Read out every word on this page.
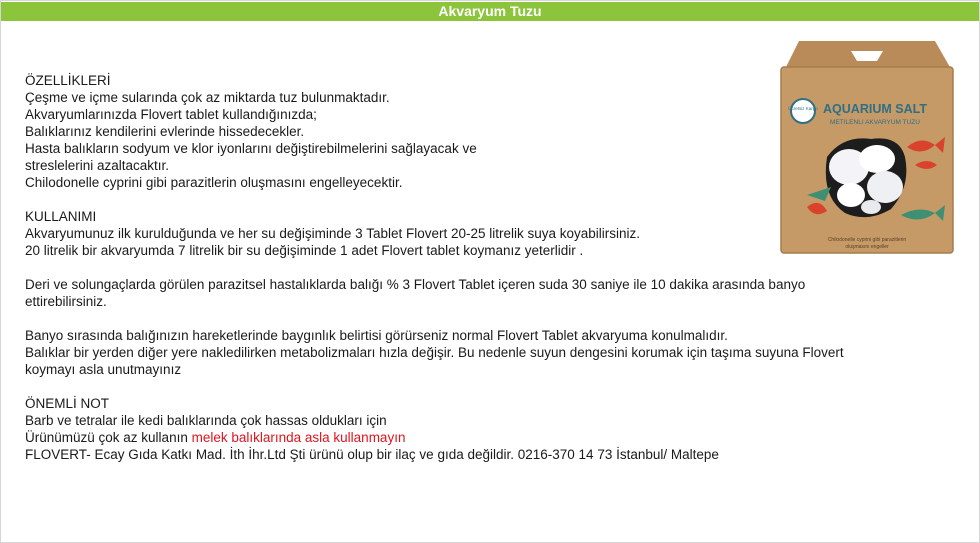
Akvaryum Tuzu

ÖZELLİKLERİ

Çeşme ve içme sularında çok az miktarda tuz bulunmaktadır.

Akvaryumlarınızda Flovert tablet kullandığınızda;

Balıklarınız kendilerini evlerinde hissedecekler.

Hasta balıkların sodyum ve klor iyonlarını değiştirebilmelerini sağlayacak ve

streslelerini azaltacaktır.

Chilodonelle cyprini gibi parazitlerin oluşmasını engelleyecektir.

KULLANIMI

Akvaryumunuz ilk kurulduğunda ve her su değişiminde 3 Tablet Flovert 20-25 litrelik suya koyabilirsiniz.

20 litrelik bir akvaryumda 7 litrelik bir su değişiminde 1 adet Flovert tablet koymanız yeterlidir .

Deri ve solungaçlarda görülen parazitsel hastalıklarda balığı % 3 Flovert Tablet içeren suda 30 saniye ile 10 dakika arasında banyo

ettirebilirsiniz.

Banyo sırasında balığınızın hareketlerinde baygınlık belirtisi görürseniz normal Flovert Tablet akvaryuma konulmalıdır.

Balıklar bir yerden diğer yere nakledilirken metabolizmaları hızla değişir. Bu nedenle suyun dengesini korumak için taşıma suyuna Flovert

koymayı asla unutmayınız

ÖNEMLİ NOT

Barb ve tetralar ile kedi balıklarında çok hassas oldukları için

Ürünümüzü çok az kullanın melek balıklarında asla kullanmayın

FLOVERT- Ecay Gıda Katkı Mad. İth İhr.Ltd Şti ürünü olup bir ilaç ve gıda değildir. 0216-370 14 73 İstanbul/ Maltepe

Ücretsiz Kargo AQUARIUM SALT
METILENLI AKVARYUM TUZU
Chilodonelle cyprini gibi parazitlerin
oluşmasını engeller
